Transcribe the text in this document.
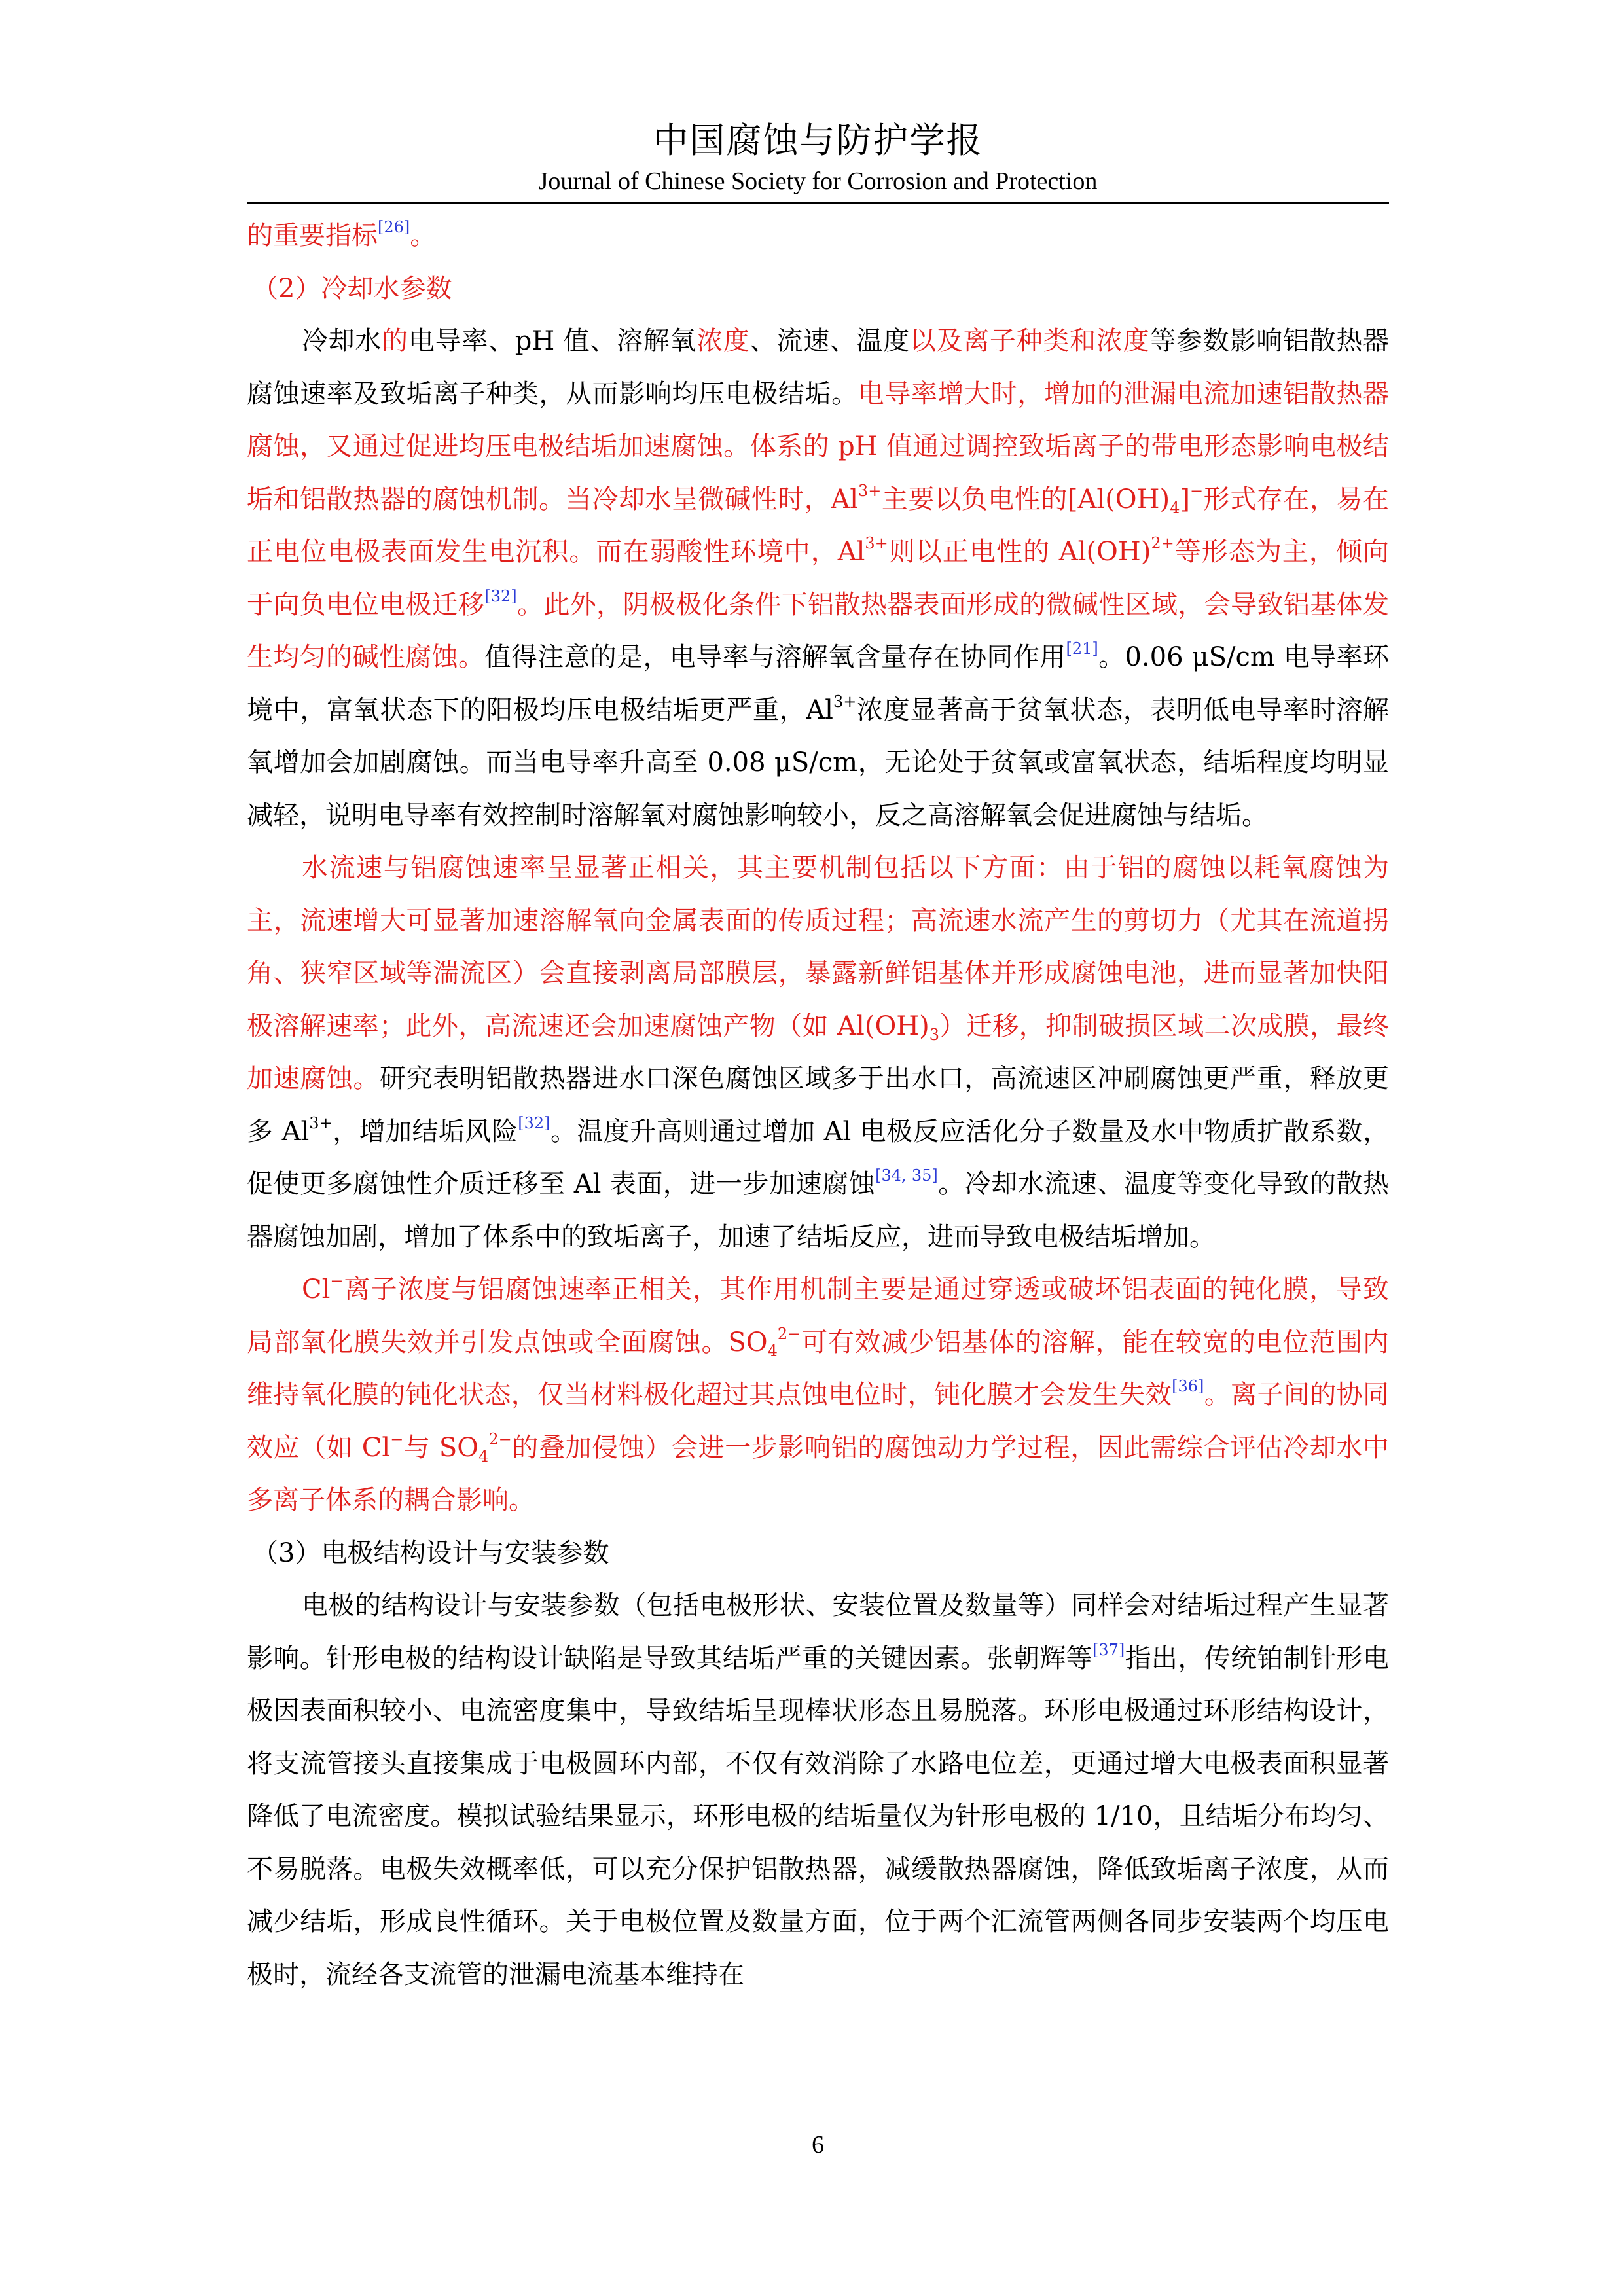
中国腐蚀与防护学报
Journal of Chinese Society for Corrosion and Protection

的重要指标[26]。

（2）冷却水参数

冷却水的电导率、pH 值、溶解氧浓度、流速、温度以及离子种类和浓度等参数影响铝散热器腐蚀速率及致垢离子种类，从而影响均压电极结垢。电导率增大时，增加的泄漏电流加速铝散热器腐蚀，又通过促进均压电极结垢加速腐蚀。体系的 pH 值通过调控致垢离子的带电形态影响电极结垢和铝散热器的腐蚀机制。当冷却水呈微碱性时，$Al^{3+}$主要以负电性的$[Al(OH)_4]^-$形式存在，易在正电位电极表面发生电沉积。而在弱酸性环境中，$Al^{3+}$则以正电性的 Al(OH)$^{2+}$等形态为主，倾向于向负电位电极迁移[32]。此外，阴极极化条件下铝散热器表面形成的微碱性区域，会导致铝基体发生均匀的碱性腐蚀。值得注意的是，电导率与溶解氧含量存在协同作用[21]。0.06 μS/cm 电导率环境中，富氧状态下的阳极均压电极结垢更严重，$Al^{3+}$浓度显著高于贫氧状态，表明低电导率时溶解氧增加会加剧腐蚀。而当电导率升高至 0.08 μS/cm，无论处于贫氧或富氧状态，结垢程度均明显减轻，说明电导率有效控制时溶解氧对腐蚀影响较小，反之高溶解氧会促进腐蚀与结垢。

水流速与铝腐蚀速率呈显著正相关，其主要机制包括以下方面：由于铝的腐蚀以耗氧腐蚀为主，流速增大可显著加速溶解氧向金属表面的传质过程；高流速水流产生的剪切力（尤其在流道拐角、狭窄区域等湍流区）会直接剥离局部膜层，暴露新鲜铝基体并形成腐蚀电池，进而显著加快阳极溶解速率；此外，高流速还会加速腐蚀产物（如 $Al(OH)_3$）迁移，抑制破损区域二次成膜，最终加速腐蚀。研究表明铝散热器进水口深色腐蚀区域多于出水口，高流速区冲刷腐蚀更严重，释放更多 $Al^{3+}$，增加结垢风险[32]。温度升高则通过增加 Al 电极反应活化分子数量及水中物质扩散系数，促使更多腐蚀性介质迁移至 Al 表面，进一步加速腐蚀[34, 35]。冷却水流速、温度等变化导致的散热器腐蚀加剧，增加了体系中的致垢离子，加速了结垢反应，进而导致电极结垢增加。

Cl−离子浓度与铝腐蚀速率正相关，其作用机制主要是通过穿透或破坏铝表面的钝化膜，导致局部氧化膜失效并引发点蚀或全面腐蚀。$SO_4^{2-}$可有效减少铝基体的溶解，能在较宽的电位范围内维持氧化膜的钝化状态，仅当材料极化超过其点蚀电位时，钝化膜才会发生失效[36]。离子间的协同效应（如 Cl−与 $SO_4^{2-}$的叠加侵蚀）会进一步影响铝的腐蚀动力学过程，因此需综合评估冷却水中多离子体系的耦合影响。

（3）电极结构设计与安装参数

电极的结构设计与安装参数（包括电极形状、安装位置及数量等）同样会对结垢过程产生显著影响。针形电极的结构设计缺陷是导致其结垢严重的关键因素。张朝辉等[37]指出，传统铂制针形电极因表面积较小、电流密度集中，导致结垢呈现棒状形态且易脱落。环形电极通过环形结构设计，将支流管接头直接集成于电极圆环内部，不仅有效消除了水路电位差，更通过增大电极表面积显著降低了电流密度。模拟试验结果显示，环形电极的结垢量仅为针形电极的 1/10，且结垢分布均匀、不易脱落。电极失效概率低，可以充分保护铝散热器，减缓散热器腐蚀，降低致垢离子浓度，从而减少结垢，形成良性循环。关于电极位置及数量方面，位于两个汇流管两侧各同步安装两个均压电极时，流经各支流管的泄漏电流基本维持在

6
